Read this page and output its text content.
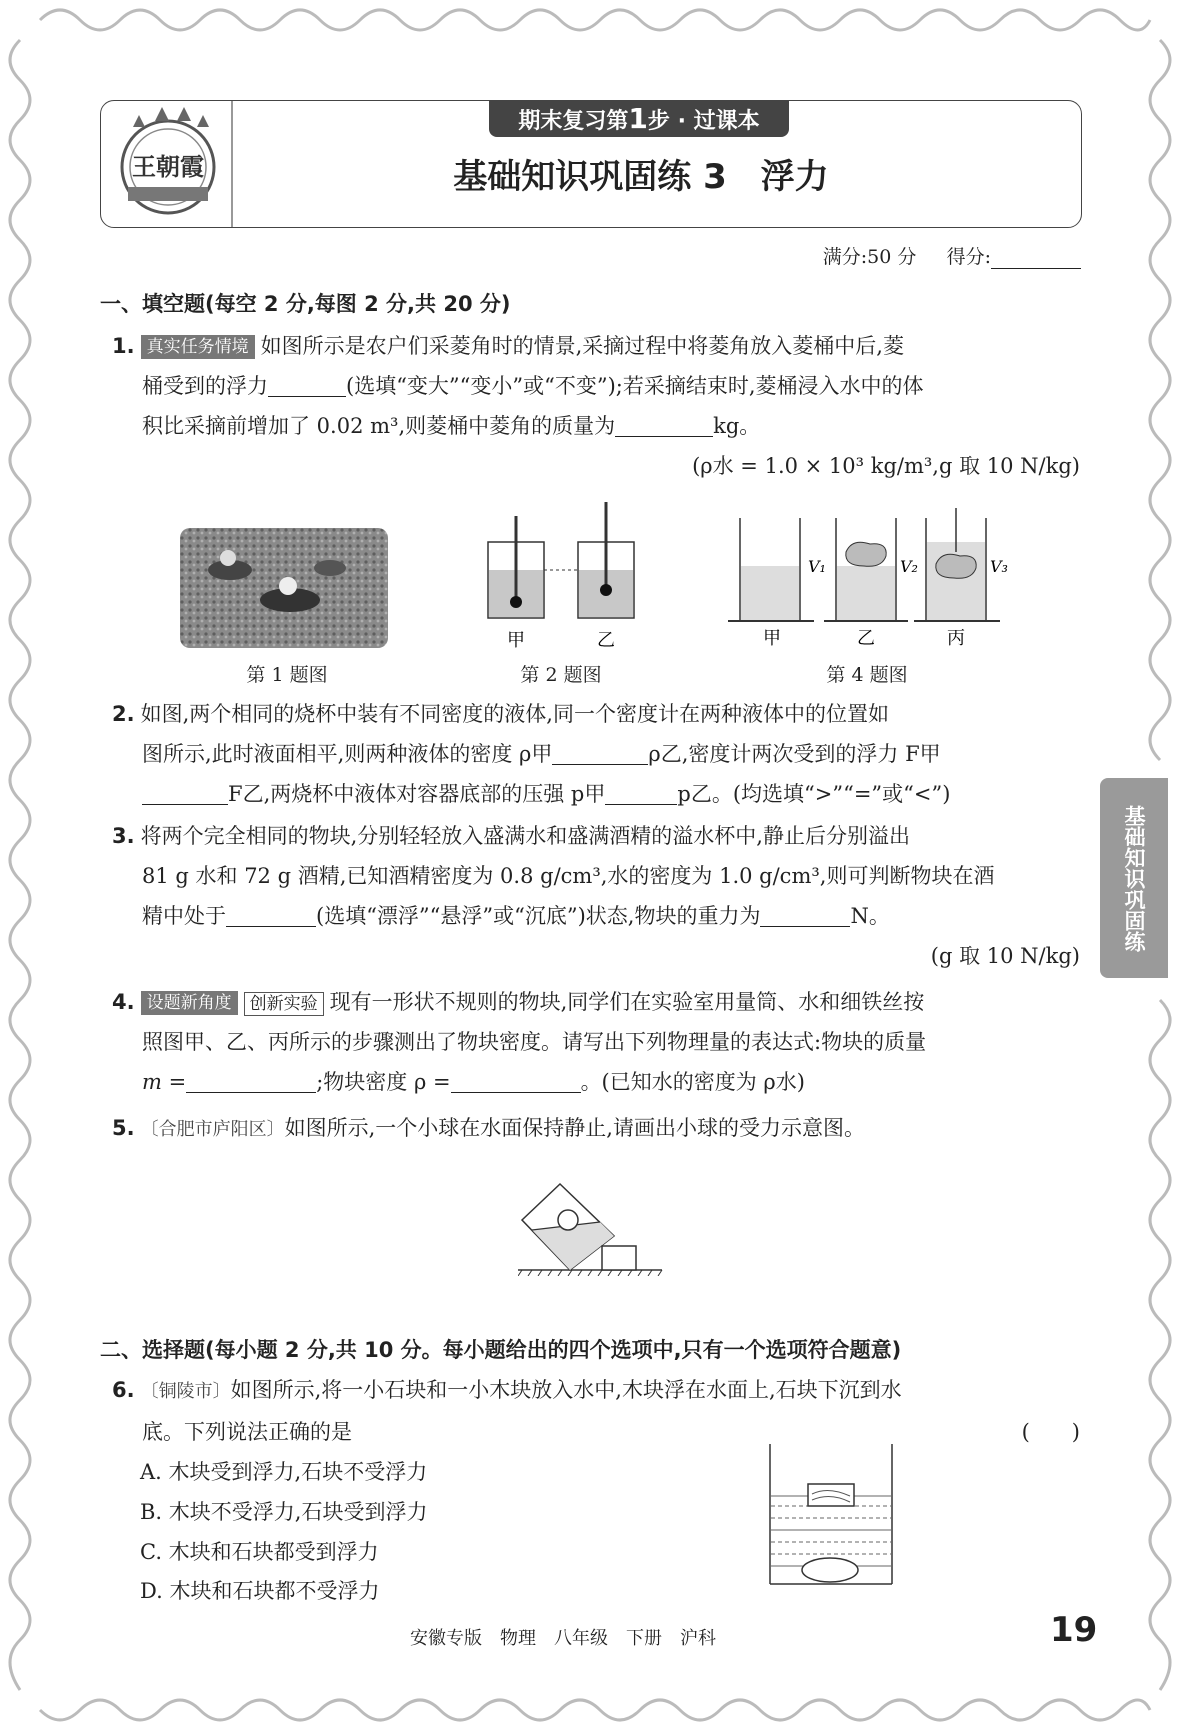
王朝霞
期末复习第1步 · 过课本
基础知识巩固练 3　浮力
满分:50 分 得分:
一、填空题(每空 2 分,每图 2 分,共 20 分)
1. 真实任务情境 如图所示是农户们采菱角时的情景,采摘过程中将菱角放入菱桶中后,菱
桶受到的浮力	(选填“变大”“变小”或“不变”);若采摘结束时,菱桶浸入水中的体
积比采摘前增加了 0.02 m³,则菱桶中菱角的质量为	kg。
(ρ水 = 1.0 × 10³ kg/m³,g 取 10 N/kg)
甲	乙
V₁
甲
V₂
乙
V₃
丙
第 1 题图	第 2 题图	第 4 题图
2. 如图,两个相同的烧杯中装有不同密度的液体,同一个密度计在两种液体中的位置如
图所示,此时液面相平,则两种液体的密度 ρ甲	ρ乙,密度计两次受到的浮力 F甲
F乙,两烧杯中液体对容器底部的压强 p甲	p乙。(均选填“>”“=”或“<”)
3. 将两个完全相同的物块,分别轻轻放入盛满水和盛满酒精的溢水杯中,静止后分别溢出
81 g 水和 72 g 酒精,已知酒精密度为 0.8 g/cm³,水的密度为 1.0 g/cm³,则可判断物块在酒
精中处于	(选填“漂浮”“悬浮”或“沉底”)状态,物块的重力为	N。
(g 取 10 N/kg)
基础知识巩固练
4. 设题新角度 创新实验 现有一形状不规则的物块,同学们在实验室用量筒、水和细铁丝按
照图甲、乙、丙所示的步骤测出了物块密度。请写出下列物理量的表达式:物块的质量
m =	;物块密度 ρ =	。(已知水的密度为 ρ水)
5. 〔合肥市庐阳区〕如图所示,一个小球在水面保持静止,请画出小球的受力示意图。
二、选择题(每小题 2 分,共 10 分。每小题给出的四个选项中,只有一个选项符合题意)
6. 〔铜陵市〕如图所示,将一小石块和一小木块放入水中,木块浮在水面上,石块下沉到水
底。下列说法正确的是	(　　)
A. 木块受到浮力,石块不受浮力
B. 木块不受浮力,石块受到浮力
C. 木块和石块都受到浮力
D. 木块和石块都不受浮力
安徽专版　物理　八年级　下册　沪科	19
